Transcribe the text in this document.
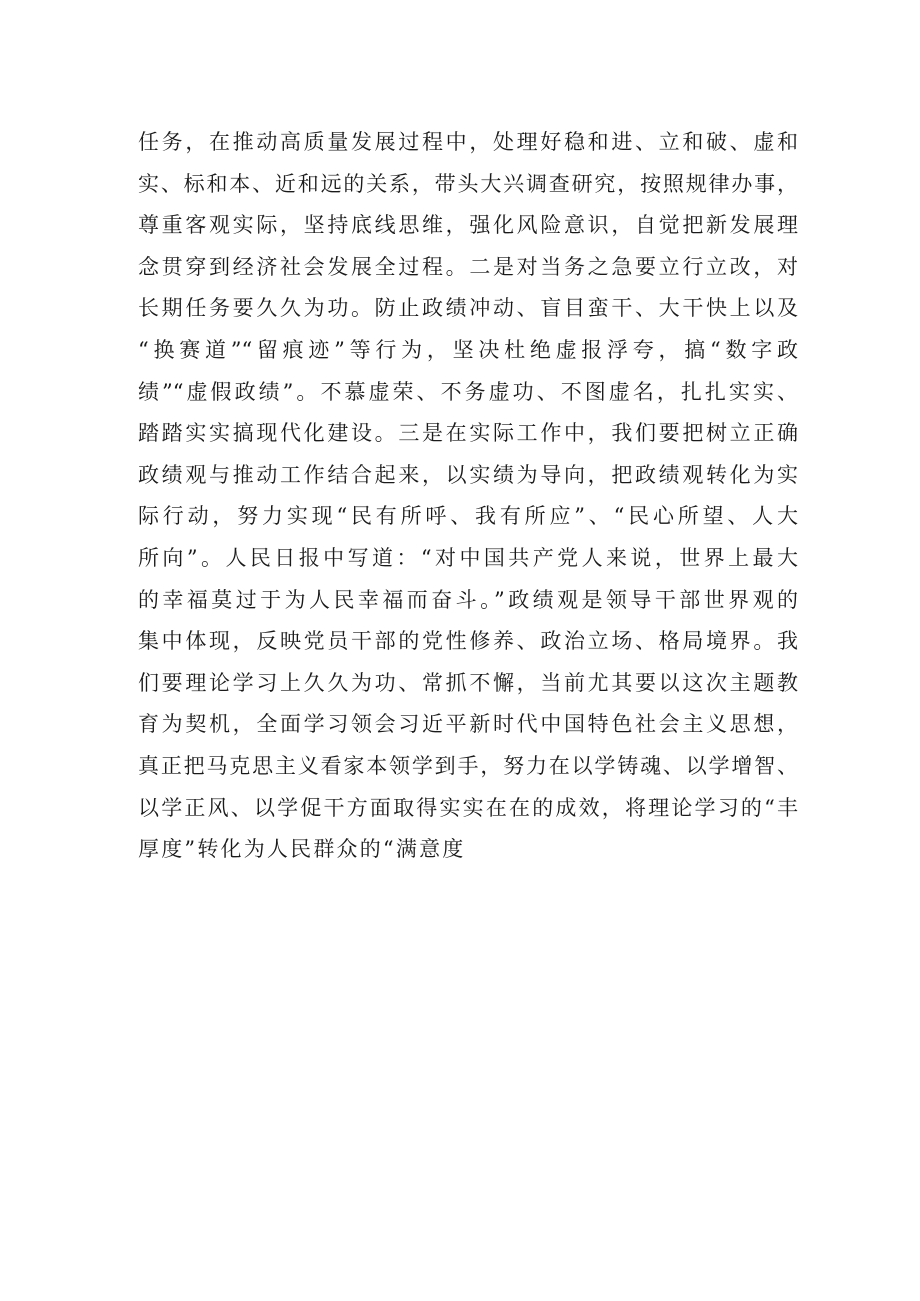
任务，在推动高质量发展过程中，处理好稳和进、立和破、虚和
实、标和本、近和远的关系，带头大兴调查研究，按照规律办事，
尊重客观实际，坚持底线思维，强化风险意识，自觉把新发展理
念贯穿到经济社会发展全过程。二是对当务之急要立行立改，对
长期任务要久久为功。防止政绩冲动、盲目蛮干、大干快上以及
“换赛道”“留痕迹”等行为，坚决杜绝虚报浮夸，搞“数字政
绩”“虚假政绩”。不慕虚荣、不务虚功、不图虚名，扎扎实实、
踏踏实实搞现代化建设。三是在实际工作中，我们要把树立正确
政绩观与推动工作结合起来，以实绩为导向，把政绩观转化为实
际行动，努力实现“民有所呼、我有所应”、“民心所望、人大
所向”。人民日报中写道：“对中国共产党人来说，世界上最大
的幸福莫过于为人民幸福而奋斗。”政绩观是领导干部世界观的
集中体现，反映党员干部的党性修养、政治立场、格局境界。我
们要理论学习上久久为功、常抓不懈，当前尤其要以这次主题教
育为契机，全面学习领会习近平新时代中国特色社会主义思想，
真正把马克思主义看家本领学到手，努力在以学铸魂、以学增智、
以学正风、以学促干方面取得实实在在的成效，将理论学习的“丰
厚度”转化为人民群众的“满意度
